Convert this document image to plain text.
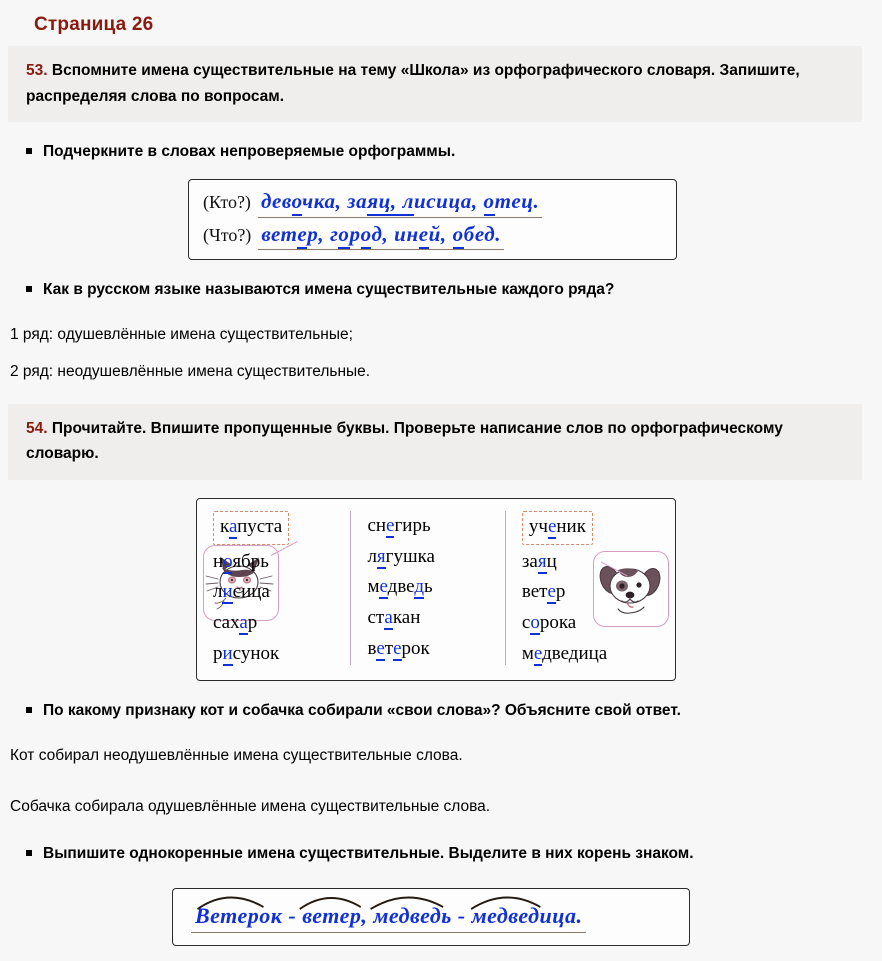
Страница 26
53. Вспомните имена существительные на тему «Школа» из орфографического словаря. Запишите, распределяя слова по вопросам.
Подчеркните в словах непроверяемые орфограммы.
(Кто?) девочка, заяц, лисица, отец.
(Что?) ветер, город, иней, обед.
Как в русском языке называются имена существительные каждого ряда?
1 ряд: одушевлённые имена существительные;
2 ряд: неодушевлённые имена существительные.
54. Прочитайте. Впишите пропущенные буквы. Проверьте написание слов по орфографическому словарю.
капуста
ноябрь
лисица
сахар
рисунок
снегирь
лягушка
медведь
стакан
ветерок
ученик
заяц
ветер
сорока
медведица
По какому признаку кот и собачка собирали «свои слова»? Объясните свой ответ.
Кот собирал неодушевлённые имена существительные слова.
Собачка собирала одушевлённые имена существительные слова.
Выпишите однокоренные имена существительные. Выделите в них корень знаком.
Ветерок - ветер, медведь - медведица.
